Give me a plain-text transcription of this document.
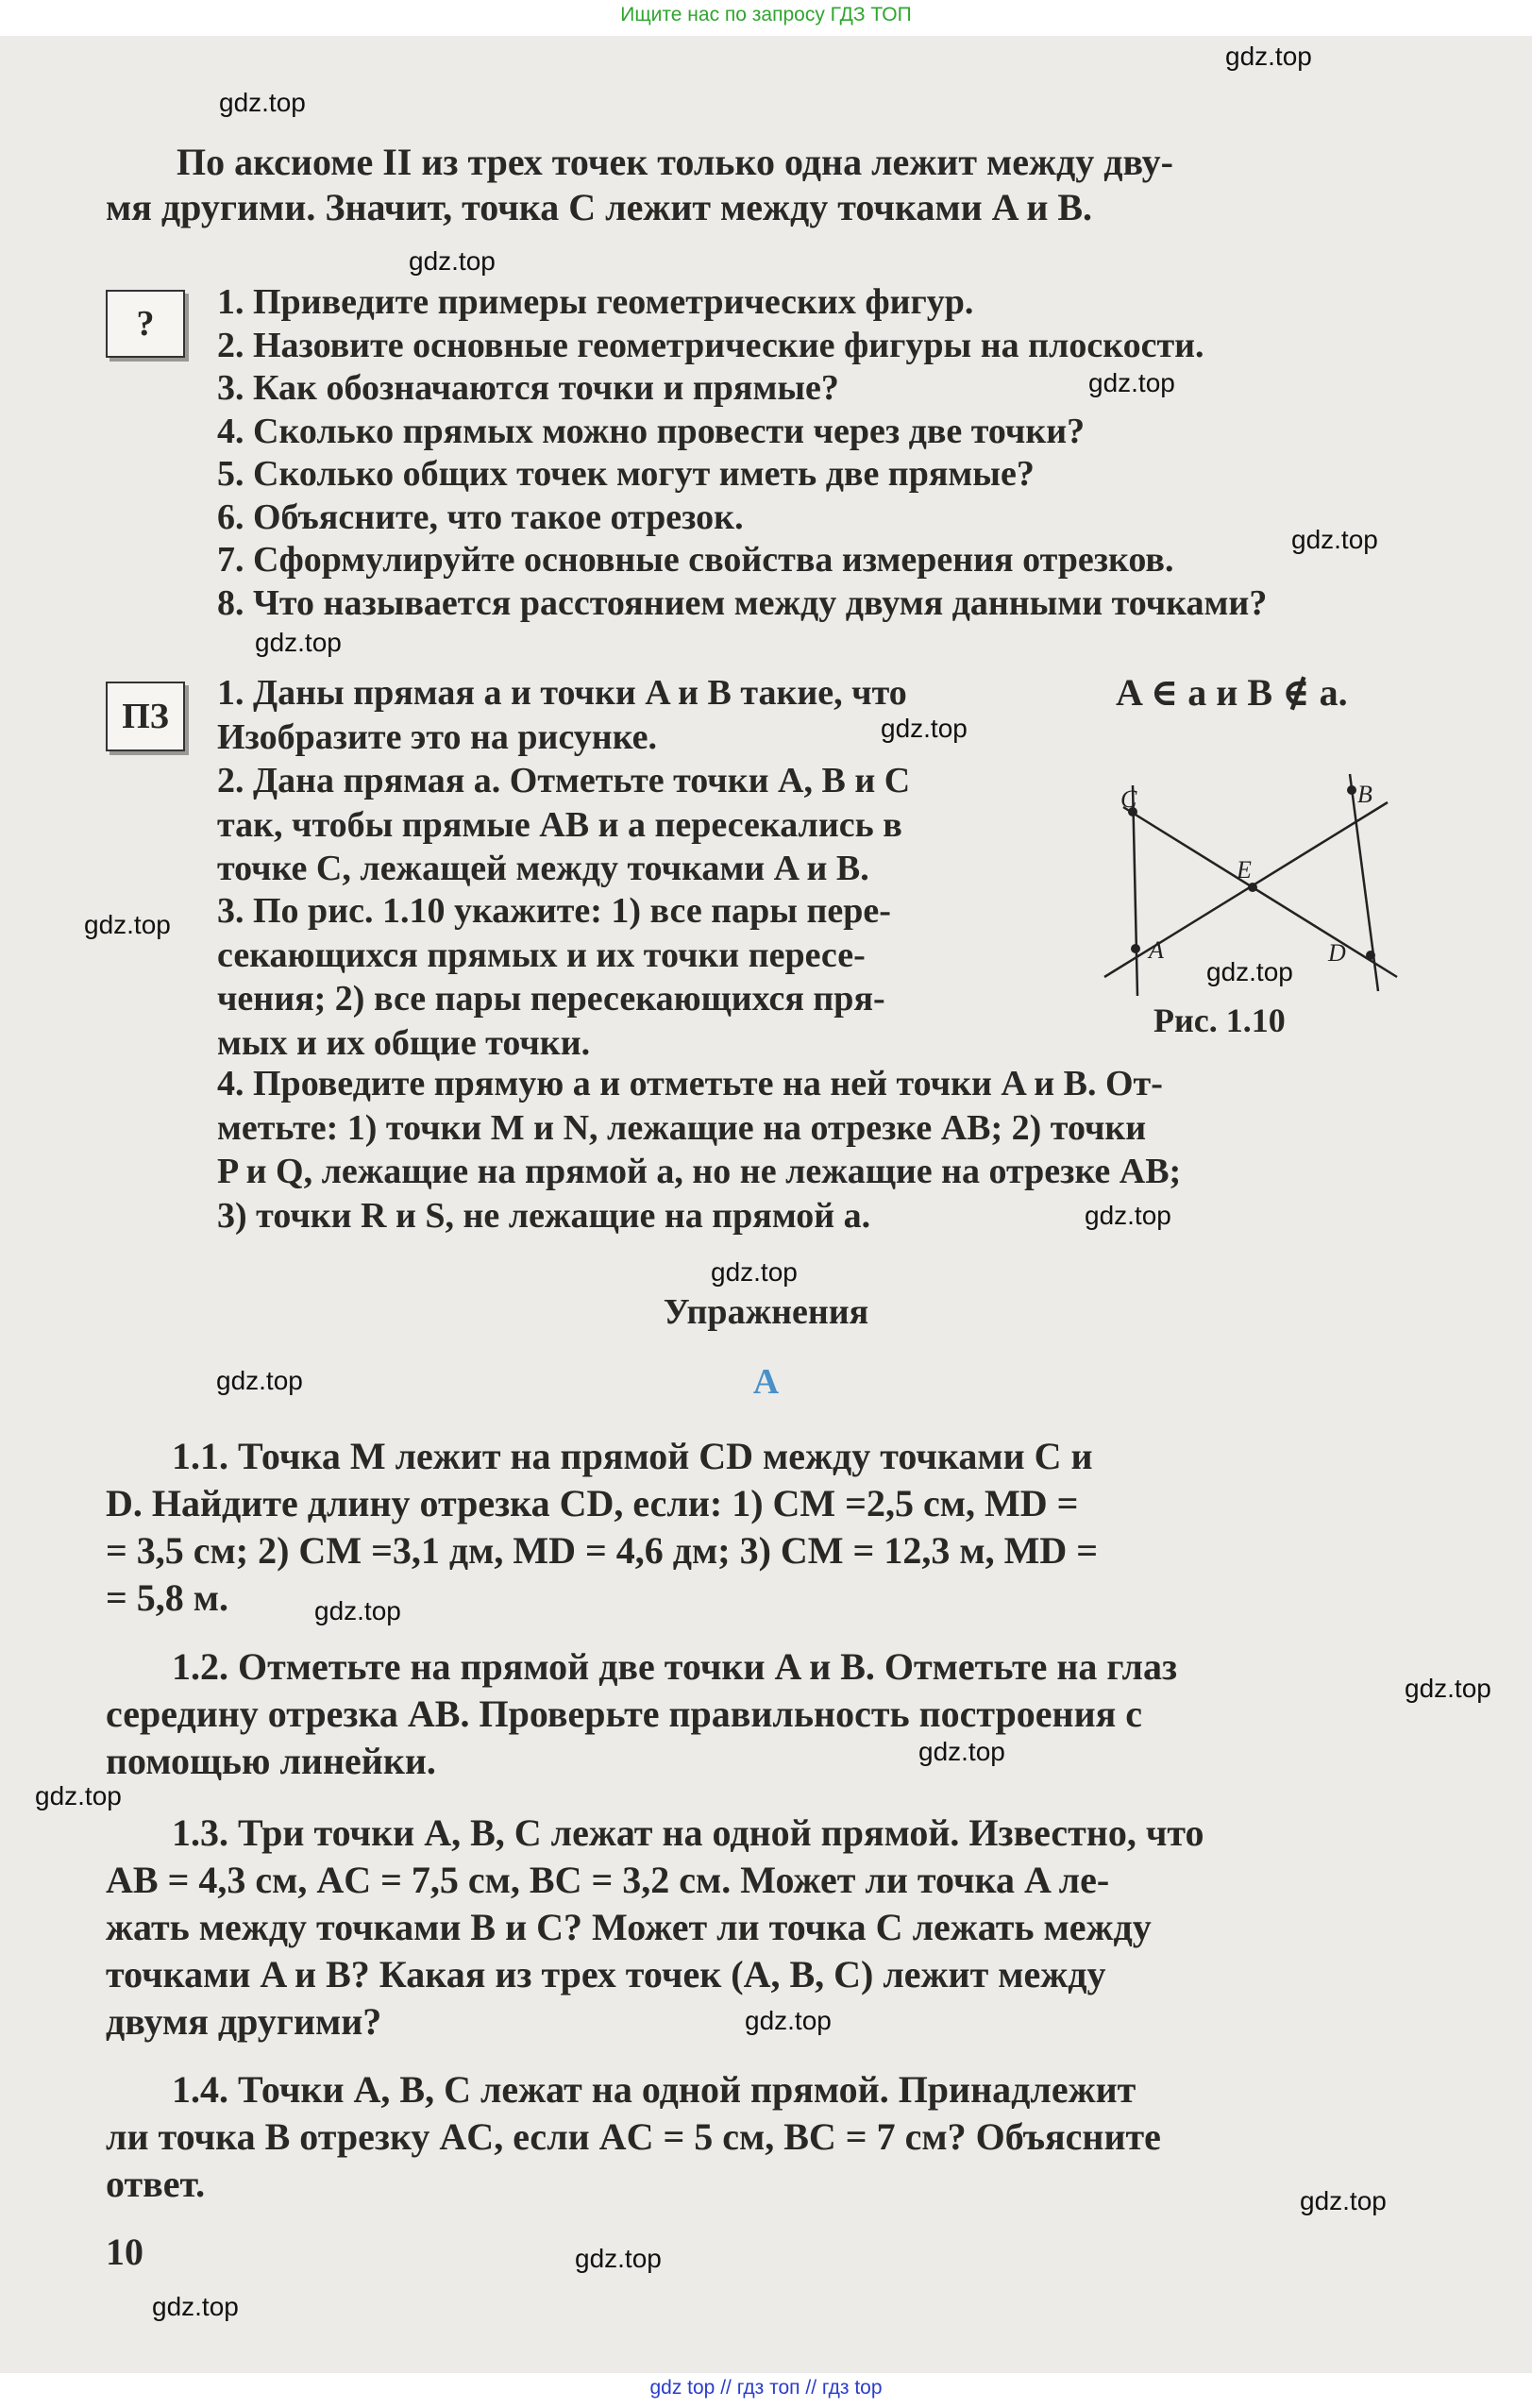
Ищите нас по запросу ГДЗ ТОП
По аксиоме II из трех точек только одна лежит между дву-
мя другими. Значит, точка C лежит между точками A и B.
?
1. Приведите примеры геометрических фигур.
2. Назовите основные геометрические фигуры на плоскости.
3. Как обозначаются точки и прямые?
4. Сколько прямых можно провести через две точки?
5. Сколько общих точек могут иметь две прямые?
6. Объясните, что такое отрезок.
7. Сформулируйте основные свойства измерения отрезков.
8. Что называется расстоянием между двумя данными точками?
ПЗ
1. Даны прямая a и точки A и B такие, что
Изобразите это на рисунке.
A ∈ a и B ∉ a.
2. Дана прямая a. Отметьте точки A, B и C
так, чтобы прямые AB и a пересекались в
точке C, лежащей между точками A и B.
3. По рис. 1.10 укажите: 1) все пары пере-
секающихся прямых и их точки пересе-
чения; 2) все пары пересекающихся пря-
мых и их общие точки.
A
B
C
D
E
Рис. 1.10
4. Проведите прямую a и отметьте на ней точки A и B. От-
метьте: 1) точки M и N, лежащие на отрезке AB; 2) точки
P и Q, лежащие на прямой a, но не лежащие на отрезке AB;
3) точки R и S, не лежащие на прямой a.
Упражнения
A
1.1. Точка M лежит на прямой CD между точками C и
D. Найдите длину отрезка CD, если: 1) CM =2,5 см, MD =
= 3,5 см; 2) CM =3,1 дм, MD = 4,6 дм; 3) CM = 12,3 м, MD =
= 5,8 м.
1.2. Отметьте на прямой две точки A и B. Отметьте на глаз
середину отрезка AB. Проверьте правильность построения с
помощью линейки.
1.3. Три точки A, B, C лежат на одной прямой. Известно, что
AB = 4,3 см, AC = 7,5 см, BC = 3,2 см. Может ли точка A ле-
жать между точками B и C? Может ли точка C лежать между
точками A и B? Какая из трех точек (A, B, C) лежит между
двумя другими?
1.4. Точки A, B, C лежат на одной прямой. Принадлежит
ли точка B отрезку AC, если AC = 5 см, BC = 7 см? Объясните
ответ.
10
gdz.top
gdz.top
gdz.top
gdz.top
gdz.top
gdz.top
gdz.top
gdz.top
gdz.top
gdz.top
gdz.top
gdz.top
gdz.top
gdz.top
gdz.top
gdz.top
gdz.top
gdz.top
gdz.top
gdz.top
gdz top // гдз топ // гдз top
